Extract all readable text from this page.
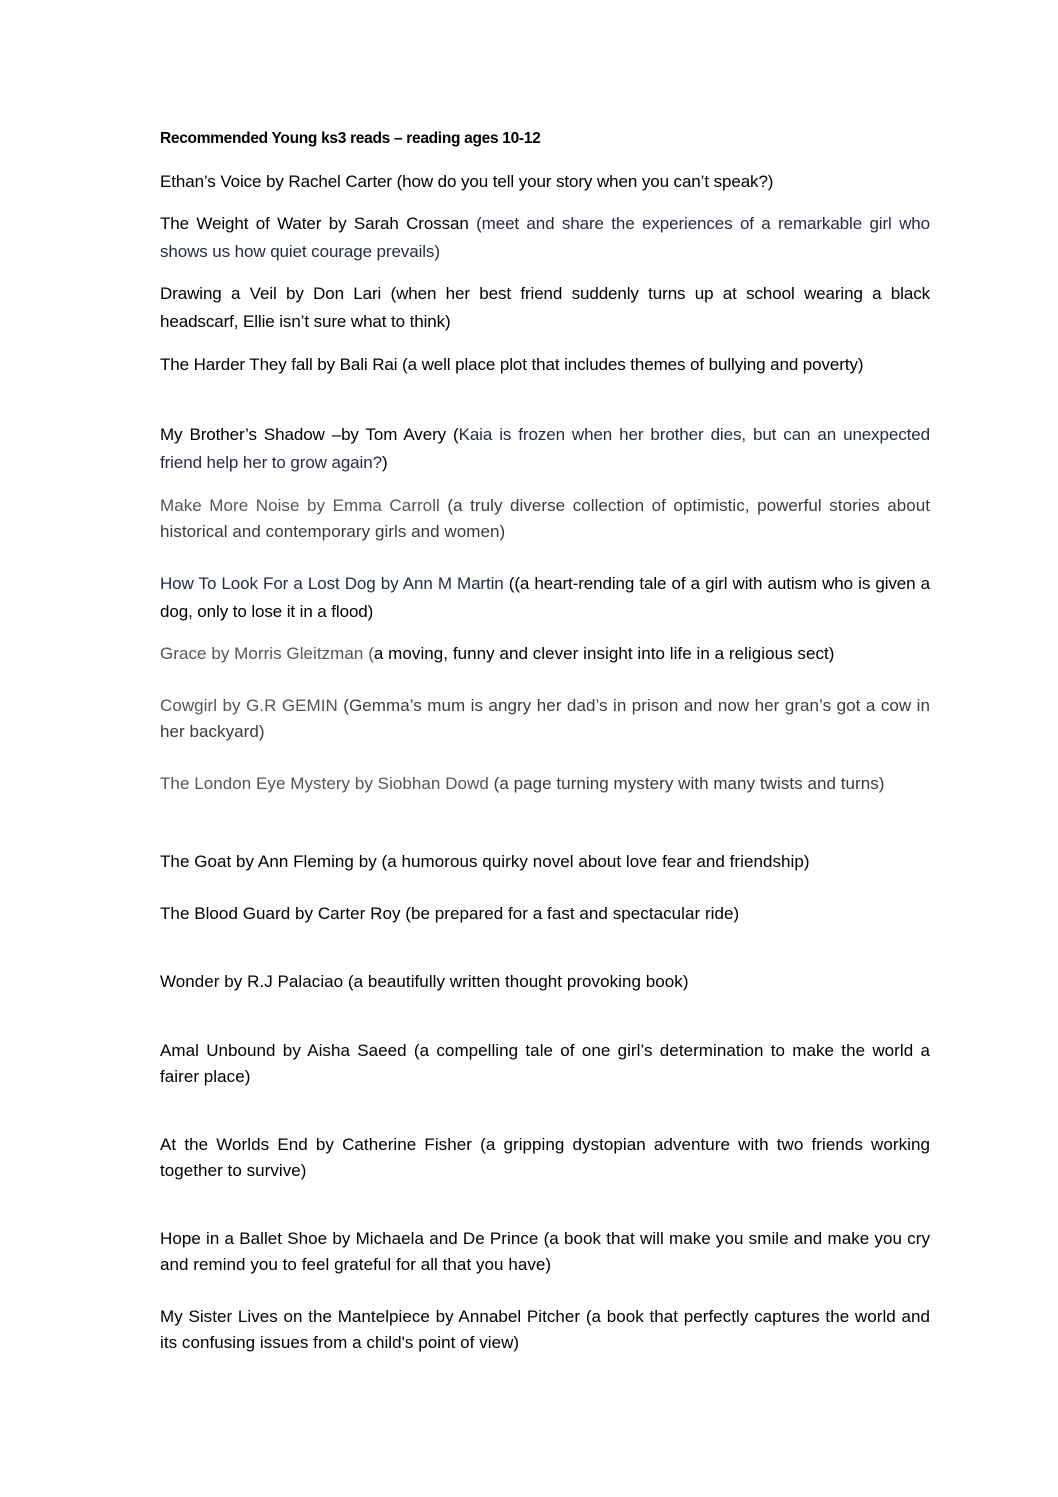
Recommended Young ks3 reads – reading ages 10-12
Ethan’s Voice by Rachel Carter (how do you tell your story when you can’t speak?)
The Weight of Water by Sarah Crossan (meet and share the experiences of a remarkable girl who shows us how quiet courage prevails)
Drawing a Veil by Don Lari (when her best friend suddenly turns up at school wearing a black headscarf, Ellie isn’t sure what to think)
The Harder They fall by Bali Rai (a well place plot that includes themes of bullying and poverty)
My Brother’s Shadow –by Tom Avery (Kaia is frozen when her brother dies, but can an unexpected friend help her to grow again?)
Make More Noise by Emma Carroll (a truly diverse collection of optimistic, powerful stories about historical and contemporary girls and women)
How To Look For a Lost Dog by Ann M Martin ((a heart-rending tale of a girl with autism who is given a dog, only to lose it in a flood)
Grace by Morris Gleitzman (a moving, funny and clever insight into life in a religious sect)
Cowgirl by G.R GEMIN (Gemma’s mum is angry her dad’s in prison and now her gran’s got a cow in her backyard)
The London Eye Mystery by Siobhan Dowd (a page turning mystery with many twists and turns)
The Goat by Ann Fleming by (a humorous quirky novel about love fear and friendship)
The Blood Guard by Carter Roy (be prepared for a fast and spectacular ride)
Wonder by R.J Palaciao (a beautifully written thought provoking book)
Amal Unbound by Aisha Saeed (a compelling tale of one girl’s determination to make the world a fairer place)
At the Worlds End by Catherine Fisher (a gripping dystopian adventure with two friends working together to survive)
Hope in a Ballet Shoe by Michaela and De Prince (a book that will make you smile and make you cry and remind you to feel grateful for all that you have)
My Sister Lives on the Mantelpiece by Annabel Pitcher (a book that perfectly captures the world and its confusing issues from a child's point of view)
